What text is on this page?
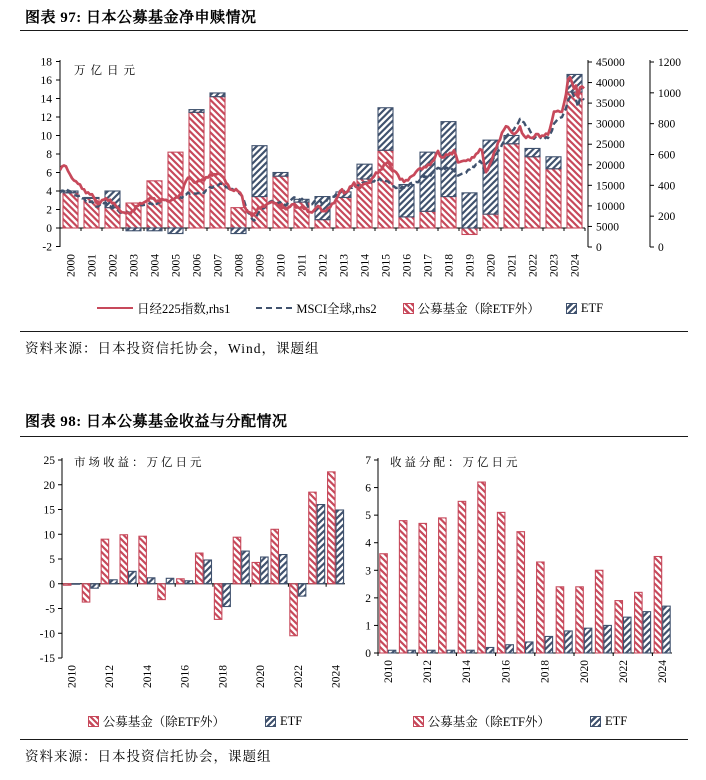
图表 97: 日本公募基金净申赎情况
-2
0
2
4
6
8
10
12
14
16
18
0
5000
10000
15000
20000
25000
30000
35000
40000
45000
0
200
400
600
800
1000
1200
万亿日元
2000 2001 2002 2003 2004 2005 2006 2007 2008 2009 2010 2011 2012 2013 2014 2015 2016 2017 2018 2019 2020 2021 2022 2023 2024
日经225指数,rhs1	MSCI全球,rhs2	公募基金（除ETF外）	ETF
资料来源：日本投资信托协会，Wind，课题组
图表 98: 日本公募基金收益与分配情况
-15
-10
-5
0
5
10
15
20
25 市场收益：万亿日元
2010 2012 2014 2016 2018 2020 2022 2024
0
1
2
3
4
5
6
7 收益分配：万亿日元
2010 2012 2014 2016 2018 2020 2022 2024
公募基金（除ETF外）	ETF	公募基金（除ETF外）	ETF
资料来源：日本投资信托协会，课题组
